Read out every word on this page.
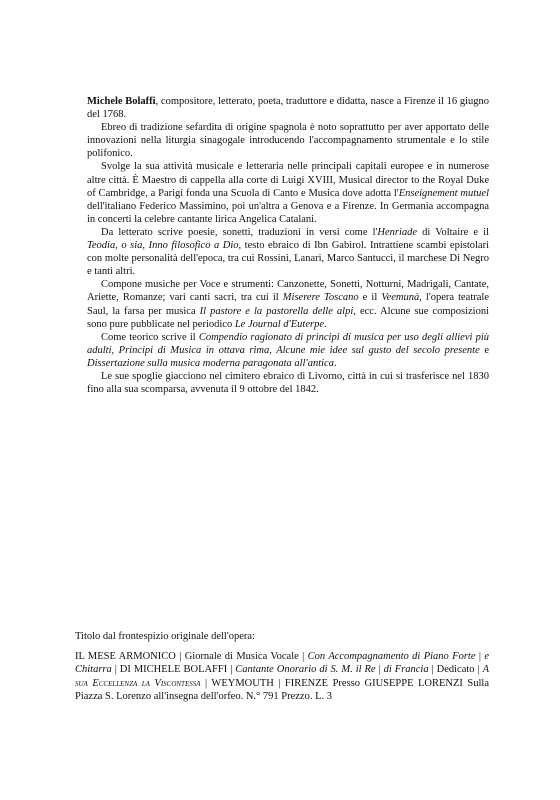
Michele Bolaffi, compositore, letterato, poeta, traduttore e didatta, nasce a Firenze il 16 giugno del 1768.

Ebreo di tradizione sefardita di origine spagnola è noto soprattutto per aver apportato delle innovazioni nella liturgia sinagogale introducendo l'accompagnamento strumentale e lo stile polifonico.

Svolge la sua attività musicale e letteraria nelle principali capitali europee e in numerose altre città. È Maestro di cappella alla corte di Luigi XVIII, Musical director to the Royal Duke of Cambridge, a Parigi fonda una Scuola di Canto e Musica dove adotta l'Enseignement mutuel dell'italiano Federico Massimino, poi un'altra a Genova e a Firenze. In Germania accompagna in concerti la celebre cantante lirica Angelica Catalani.

Da letterato scrive poesie, sonetti, traduzioni in versi come l'Henriade di Voltaire e il Teodia, o sia, Inno filosofico a Dio, testo ebraico di Ibn Gabirol. Intrattiene scambi epistolari con molte personalità dell'epoca, tra cui Rossini, Lanari, Marco Santucci, il marchese Di Negro e tanti altri.

Compone musiche per Voce e strumenti: Canzonette, Sonetti, Notturni, Madrigali, Cantate, Ariette, Romanze; vari canti sacri, tra cui il Miserere Toscano e il Veemunà, l'opera teatrale Saul, la farsa per musica Il pastore e la pastorella delle alpi, ecc. Alcune sue composizioni sono pure pubblicate nel periodico Le Journal d'Euterpe.

Come teorico scrive il Compendio ragionato di principi di musica per uso degli allievi più adulti, Principi di Musica in ottava rima, Alcune mie idee sul gusto del secolo presente e Dissertazione sulla musica moderna paragonata all'antica.

Le sue spoglie giacciono nel cimitero ebraico di Livorno, città in cui si trasferisce nel 1830 fino alla sua scomparsa, avvenuta il 9 ottobre del 1842.

Titolo dal frontespizio originale dell'opera:
IL MESE ARMONICO | Giornale di Musica Vocale | Con Accompagnamento di Piano Forte | e Chitarra | DI MICHELE BOLAFFI | Cantante Onorario di S. M. il Re | di Francia | Dedicato | A sua Eccellenza la Viscontessa | WEYMOUTH | FIRENZE Presso GIUSEPPE LORENZI Sulla Piazza S. Lorenzo all'insegna dell'orfeo. N.° 791 Prezzo. L. 3
